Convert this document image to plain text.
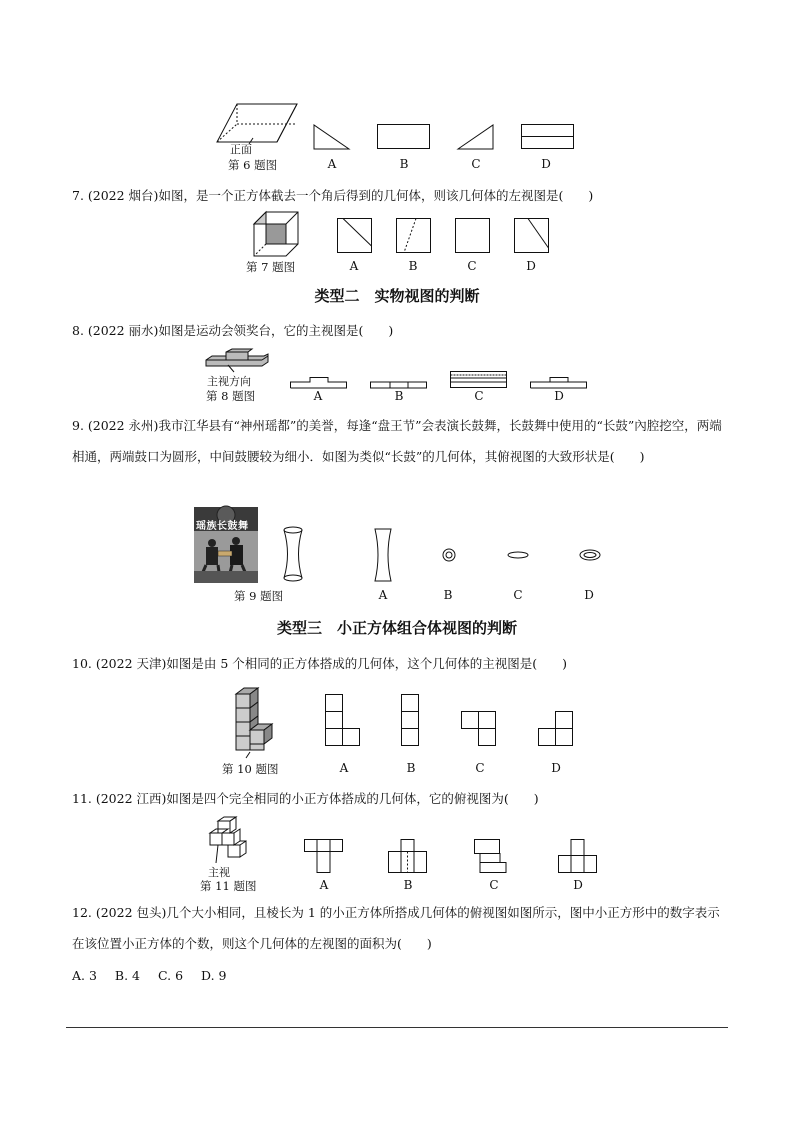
正面
第 6 题图	A	B	C	D
7. (2022 烟台)如图，是一个正方体截去一个角后得到的几何体，则该几何体的左视图是(　　)
第 7 题图	A	B	C	D
类型二　实物视图的判断
8. (2022 丽水)如图是运动会领奖台，它的主视图是(　　)
主视方向
第 8 题图	A	B	C	D
9. (2022 永州)我市江华县有“神州瑶都”的美誉，每逢“盘王节”会表演长鼓舞，长鼓舞中使用的“长鼓”內腔挖空，两端相通，两端鼓口为圆形，中间鼓腰较为细小．如图为类似“长鼓”的几何体，其俯视图的大致形状是(　　)
瑶族长鼓舞
第 9 题图	A	B	C	D
类型三　小正方体组合体视图的判断
10. (2022 天津)如图是由 5 个相同的正方体搭成的几何体，这个几何体的主视图是(　　)
第 10 题图	A	B	C	D
11. (2022 江西)如图是四个完全相同的小正方体搭成的几何体，它的俯视图为(　　)
主视
第 11 题图	A	B	C	D
12. (2022 包头)几个大小相同，且棱长为 1 的小正方体所搭成几何体的俯视图如图所示，图中小正方形中的数字表示在该位置小正方体的个数，则这个几何体的左视图的面积为(　　)
A. 3 B. 4 C. 6 D. 9
